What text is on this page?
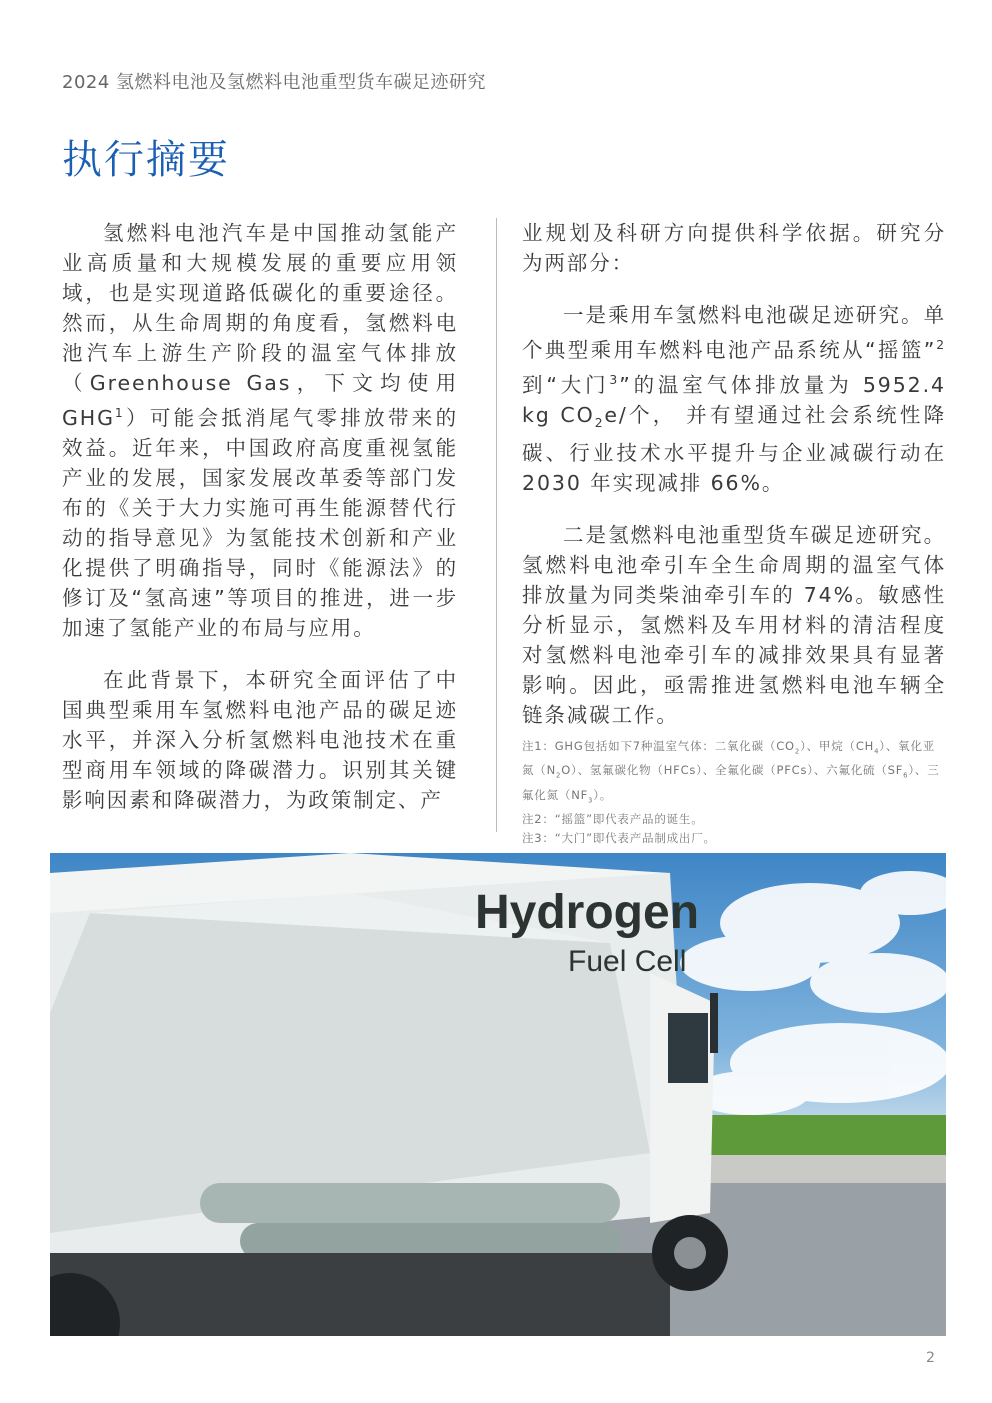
2024 氢燃料电池及氢燃料电池重型货车碳足迹研究
执行摘要

氢燃料电池汽车是中国推动氢能产业高质量和大规模发展的重要应用领域，也是实现道路低碳化的重要途径。然而，从生命周期的角度看，氢燃料电池汽车上游生产阶段的温室气体排放（Greenhouse Gas，下文均使用GHG$^1$）可能会抵消尾气零排放带来的效益。近年来，中国政府高度重视氢能产业的发展，国家发展改革委等部门发布的《关于大力实施可再生能源替代行动的指导意见》为氢能技术创新和产业化提供了明确指导，同时《能源法》的修订及“氢高速”等项目的推进，进一步加速了氢能产业的布局与应用。

在此背景下，本研究全面评估了中国典型乘用车氢燃料电池产品的碳足迹水平，并深入分析氢燃料电池技术在重型商用车领域的降碳潜力。识别其关键影响因素和降碳潜力，为政策制定、产

业规划及科研方向提供科学依据。研究分为两部分：

一是乘用车氢燃料电池碳足迹研究。单个典型乘用车燃料电池产品系统从“摇篮”$^2$到“大门$^3$”的温室气体排放量为 5952.4 kg $CO_2e/$个， 并有望通过社会系统性降碳、行业技术水平提升与企业减碳行动在 2030 年实现减排 66%。

二是氢燃料电池重型货车碳足迹研究。氢燃料电池牵引车全生命周期的温室气体排放量为同类柴油牵引车的 74%。敏感性分析显示，氢燃料及车用材料的清洁程度对氢燃料电池牵引车的减排效果具有显著影响。因此，亟需推进氢燃料电池车辆全链条减碳工作。

注1：GHG包括如下7种温室气体：二氧化碳$(CO_2)$、甲烷$(CH_4)$、氧化亚氮$(N_2O)$、氢氟碳化物（HFCs）、全氟化碳（PFCs）、六氟化硫$(SF_6)$、三氟化氮$(NF_3)$。
注2：“摇篮”即代表产品的诞生。
注3：“大门”即代表产品制成出厂。
Hydrogen
Fuel Cell
2
